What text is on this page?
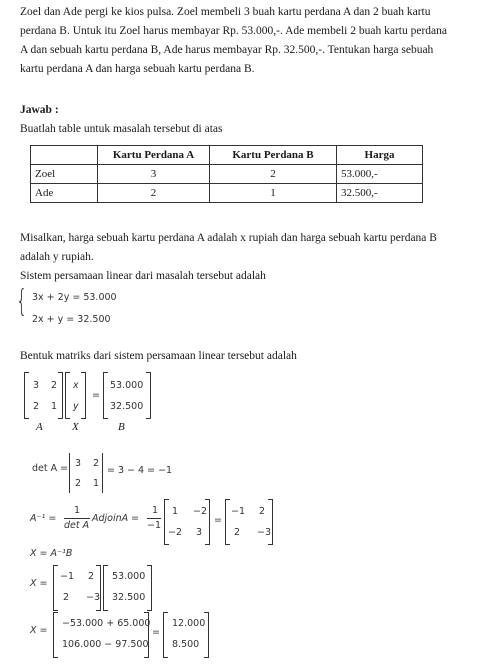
Zoel dan Ade pergi ke kios pulsa. Zoel membeli 3 buah kartu perdana A dan 2 buah kartu
perdana B. Untuk itu Zoel harus membayar Rp. 53.000,-. Ade membeli 2 buah kartu perdana
A dan sebuah kartu perdana B, Ade harus membayar Rp. 32.500,-. Tentukan harga sebuah
kartu perdana A dan harga sebuah kartu perdana B.
Jawab :
Buatlah table untuk masalah tersebut di atas
	Kartu Perdana A	Kartu Perdana B	Harga
Zoel	3	2	53.000,-
Ade	2	1	32.500,-
Misalkan, harga sebuah kartu perdana A adalah x rupiah dan harga sebuah kartu perdana B
adalah y rupiah.
Sistem persamaan linear dari masalah tersebut adalah
{ 3x + 2y = 53.000
2x + y = 32.500
Bentuk matriks dari sistem persamaan linear tersebut adalah
3 2
2 1
x
y
=
53.000
32.500
A	X	B
det A = 3 2
2 1
= 3 − 4 = −1
A⁻¹ =
1
det A
AdjoinA =
1
−1
1 −2
−2 3
=
−1 2
2 −3
X = A⁻¹B
X =
−1 2
2 −3
53.000
32.500
X =
−53.000 + 65.000
106.000 − 97.500
=
12.000
8.500
